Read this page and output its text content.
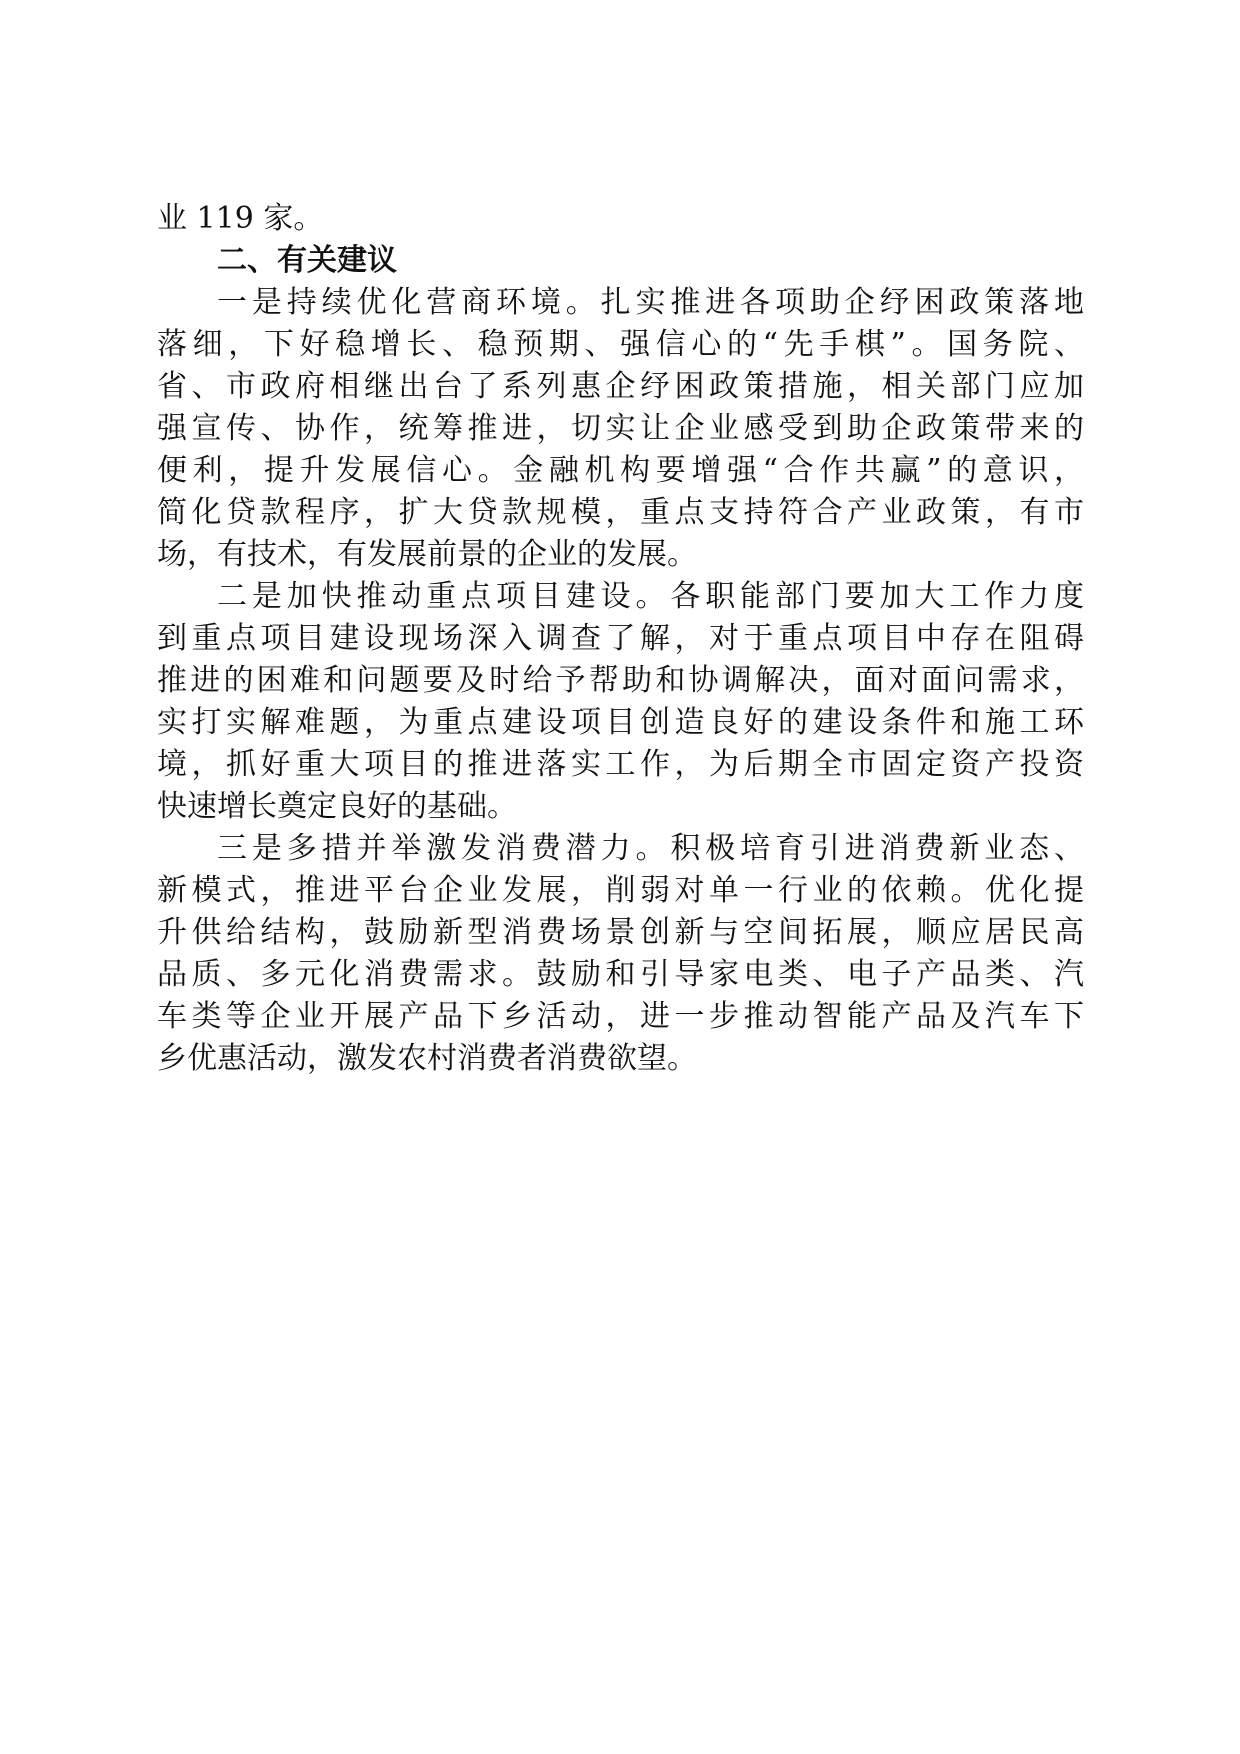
业 119 家。
二、有关建议
一是持续优化营商环境。扎实推进各项助企纾困政策落地
落细，下好稳增长、稳预期、强信心的“先手棋”。国务院、
省、市政府相继出台了系列惠企纾困政策措施，相关部门应加
强宣传、协作，统筹推进，切实让企业感受到助企政策带来的
便利，提升发展信心。金融机构要增强“合作共赢”的意识，
简化贷款程序，扩大贷款规模，重点支持符合产业政策，有市
场，有技术，有发展前景的企业的发展。
二是加快推动重点项目建设。各职能部门要加大工作力度
到重点项目建设现场深入调查了解，对于重点项目中存在阻碍
推进的困难和问题要及时给予帮助和协调解决，面对面问需求，
实打实解难题，为重点建设项目创造良好的建设条件和施工环
境，抓好重大项目的推进落实工作，为后期全市固定资产投资
快速增长奠定良好的基础。
三是多措并举激发消费潜力。积极培育引进消费新业态、
新模式，推进平台企业发展，削弱对单一行业的依赖。优化提
升供给结构，鼓励新型消费场景创新与空间拓展，顺应居民高
品质、多元化消费需求。鼓励和引导家电类、电子产品类、汽
车类等企业开展产品下乡活动，进一步推动智能产品及汽车下
乡优惠活动，激发农村消费者消费欲望。
